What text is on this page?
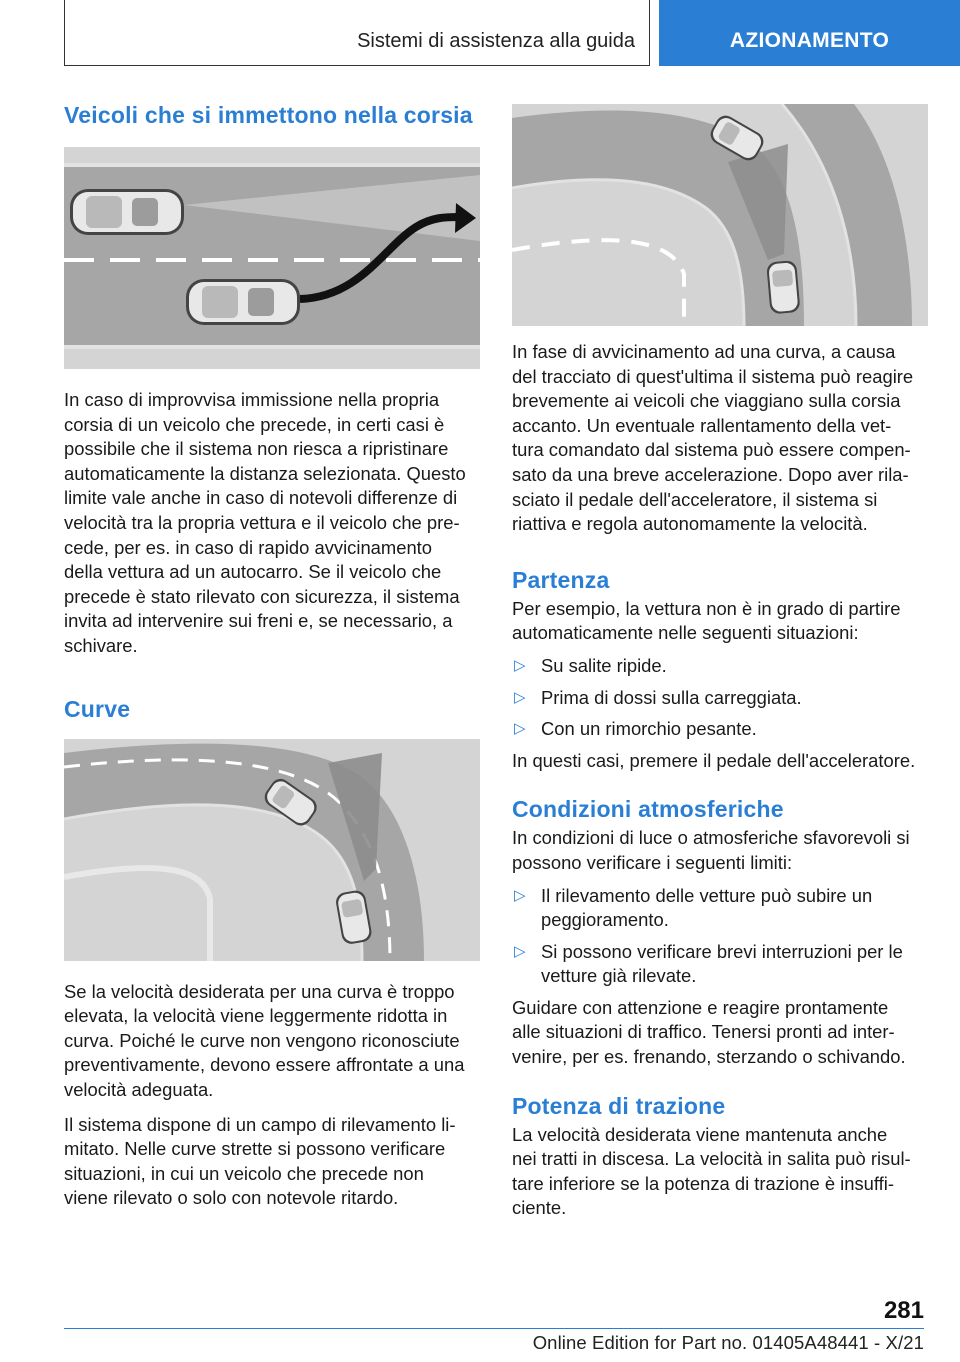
Sistemi di assistenza alla guida	AZIONAMENTO
Veicoli che si immettono nella corsia

In caso di improvvisa immissione nella propria
corsia di un veicolo che precede, in certi casi è
possibile che il sistema non riesca a ripristinare
automaticamente la distanza selezionata. Questo
limite vale anche in caso di notevoli differenze di
velocità tra la propria vettura e il veicolo che pre‐
cede, per es. in caso di rapido avvicinamento
della vettura ad un autocarro. Se il veicolo che
precede è stato rilevato con sicurezza, il sistema
invita ad intervenire sui freni e, se necessario, a
schivare.

Curve

Se la velocità desiderata per una curva è troppo
elevata, la velocità viene leggermente ridotta in
curva. Poiché le curve non vengono riconosciute
preventivamente, devono essere affrontate a una
velocità adeguata.

Il sistema dispone di un campo di rilevamento li‐
mitato. Nelle curve strette si possono verificare
situazioni, in cui un veicolo che precede non
viene rilevato o solo con notevole ritardo.

In fase di avvicinamento ad una curva, a causa
del tracciato di quest'ultima il sistema può reagire
brevemente ai veicoli che viaggiano sulla corsia
accanto. Un eventuale rallentamento della vet‐
tura comandato dal sistema può essere compen‐
sato da una breve accelerazione. Dopo aver rila‐
sciato il pedale dell'acceleratore, il sistema si
riattiva e regola autonomamente la velocità.

Partenza

Per esempio, la vettura non è in grado di partire
automaticamente nelle seguenti situazioni:

▷ Su salite ripide.
▷ Prima di dossi sulla carreggiata.
▷ Con un rimorchio pesante.

In questi casi, premere il pedale dell'acceleratore.

Condizioni atmosferiche

In condizioni di luce o atmosferiche sfavorevoli si
possono verificare i seguenti limiti:

▷ Il rilevamento delle vetture può subire un
peggioramento.
▷ Si possono verificare brevi interruzioni per le
vetture già rilevate.

Guidare con attenzione e reagire prontamente
alle situazioni di traffico. Tenersi pronti ad inter‐
venire, per es. frenando, sterzando o schivando.

Potenza di trazione

La velocità desiderata viene mantenuta anche
nei tratti in discesa. La velocità in salita può risul‐
tare inferiore se la potenza di trazione è insuffi‐
ciente.

281
Online Edition for Part no. 01405A48441 - X/21
